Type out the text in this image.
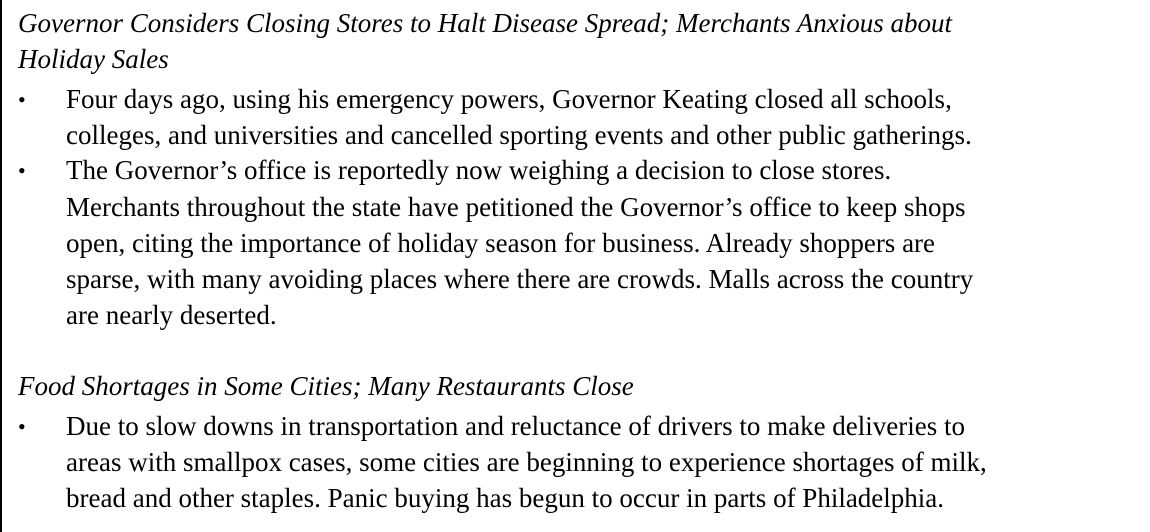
Governor Considers Closing Stores to Halt Disease Spread; Merchants Anxious about
Holiday Sales
•	Four days ago, using his emergency powers, Governor Keating closed all schools,
colleges, and universities and cancelled sporting events and other public gatherings.
•	The Governor’s office is reportedly now weighing a decision to close stores.
Merchants throughout the state have petitioned the Governor’s office to keep shops
open, citing the importance of holiday season for business. Already shoppers are
sparse, with many avoiding places where there are crowds. Malls across the country
are nearly deserted.
Food Shortages in Some Cities; Many Restaurants Close
•	Due to slow downs in transportation and reluctance of drivers to make deliveries to
areas with smallpox cases, some cities are beginning to experience shortages of milk,
bread and other staples. Panic buying has begun to occur in parts of Philadelphia.
